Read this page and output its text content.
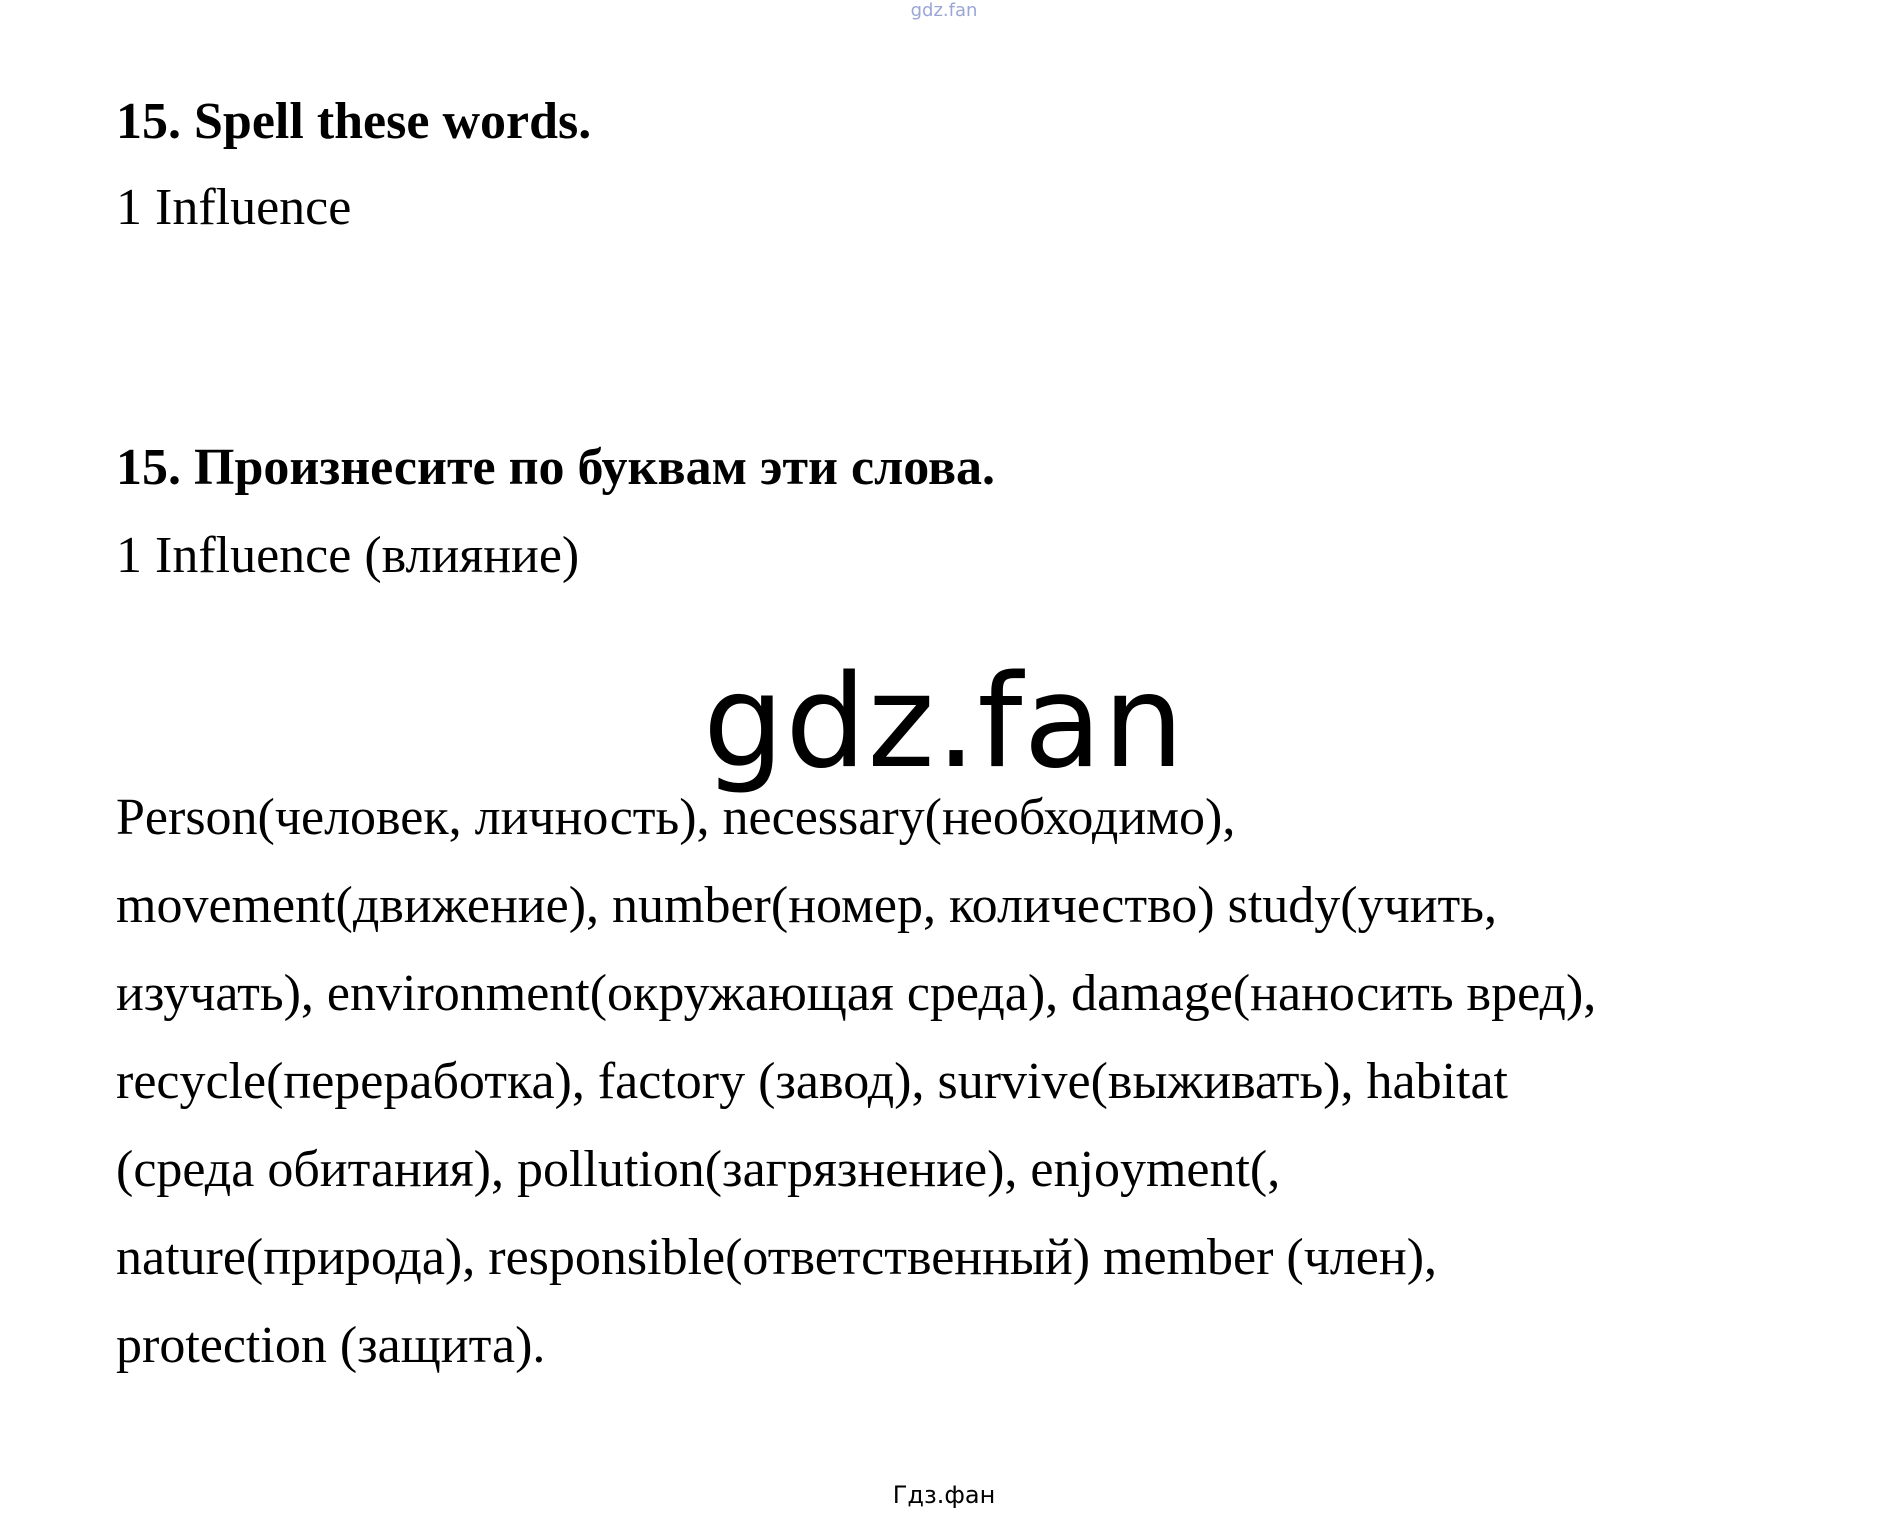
gdz.fan
15. Spell these words.

1 Influence

15. Произнесите по буквам эти слова.

1 Influence (влияние)

gdz.fan
Person(человек, личность), necessary(необходимо),
movement(движение), number(номер, количество) study(учить,
изучать), environment(окружающая среда), damage(наносить вред),
recycle(переработка), factory (завод), survive(выживать), habitat
(среда обитания), pollution(загрязнение), enjoyment(,
nature(природа), responsible(ответственный) member (член),
protection (защита).
Гдз.фан
